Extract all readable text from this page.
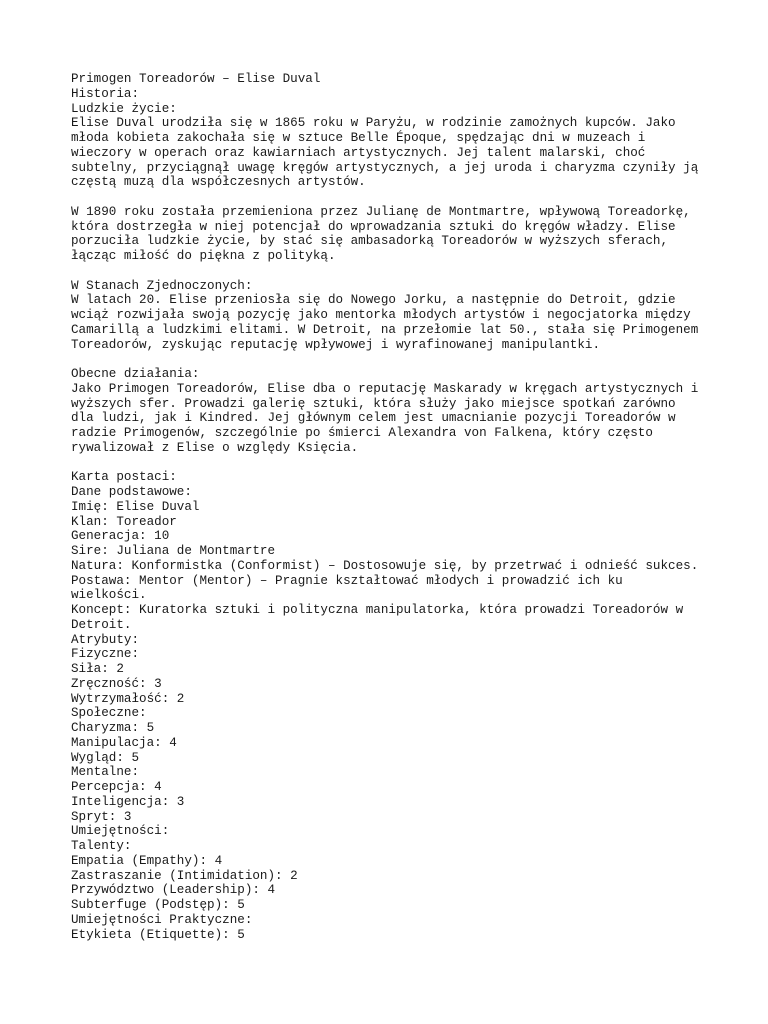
Primogen Toreadorów – Elise Duval
Historia:
Ludzkie życie:
Elise Duval urodziła się w 1865 roku w Paryżu, w rodzinie zamożnych kupców. Jako
młoda kobieta zakochała się w sztuce Belle Époque, spędzając dni w muzeach i
wieczory w operach oraz kawiarniach artystycznych. Jej talent malarski, choć
subtelny, przyciągnął uwagę kręgów artystycznych, a jej uroda i charyzma czyniły ją
częstą muzą dla współczesnych artystów.
W 1890 roku została przemieniona przez Julianę de Montmartre, wpływową Toreadorkę,
która dostrzegła w niej potencjał do wprowadzania sztuki do kręgów władzy. Elise
porzuciła ludzkie życie, by stać się ambasadorką Toreadorów w wyższych sferach,
łącząc miłość do piękna z polityką.
W Stanach Zjednoczonych:
W latach 20. Elise przeniosła się do Nowego Jorku, a następnie do Detroit, gdzie
wciąż rozwijała swoją pozycję jako mentorka młodych artystów i negocjatorka między
Camarillą a ludzkimi elitami. W Detroit, na przełomie lat 50., stała się Primogenem
Toreadorów, zyskując reputację wpływowej i wyrafinowanej manipulantki.
Obecne działania:
Jako Primogen Toreadorów, Elise dba o reputację Maskarady w kręgach artystycznych i
wyższych sfer. Prowadzi galerię sztuki, która służy jako miejsce spotkań zarówno
dla ludzi, jak i Kindred. Jej głównym celem jest umacnianie pozycji Toreadorów w
radzie Primogenów, szczególnie po śmierci Alexandra von Falkena, który często
rywalizował z Elise o względy Księcia.
Karta postaci:
Dane podstawowe:
Imię: Elise Duval
Klan: Toreador
Generacja: 10
Sire: Juliana de Montmartre
Natura: Konformistka (Conformist) – Dostosowuje się, by przetrwać i odnieść sukces.
Postawa: Mentor (Mentor) – Pragnie kształtować młodych i prowadzić ich ku
wielkości.
Koncept: Kuratorka sztuki i polityczna manipulatorka, która prowadzi Toreadorów w
Detroit.
Atrybuty:
Fizyczne:
Siła: 2
Zręczność: 3
Wytrzymałość: 2
Społeczne:
Charyzma: 5
Manipulacja: 4
Wygląd: 5
Mentalne:
Percepcja: 4
Inteligencja: 3
Spryt: 3
Umiejętności:
Talenty:
Empatia (Empathy): 4
Zastraszanie (Intimidation): 2
Przywództwo (Leadership): 4
Subterfuge (Podstęp): 5
Umiejętności Praktyczne:
Etykieta (Etiquette): 5
